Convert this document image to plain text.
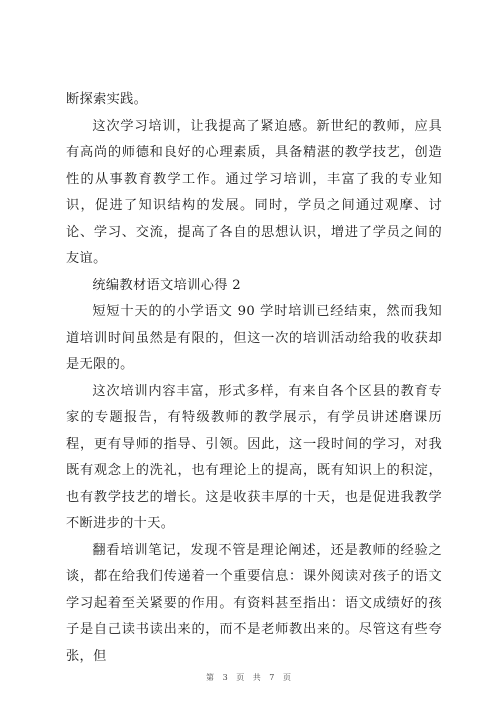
断探索实践。

这次学习培训，让我提高了紧迫感。新世纪的教师，应具有高尚的师德和良好的心理素质，具备精湛的教学技艺，创造性的从事教育教学工作。通过学习培训，丰富了我的专业知识，促进了知识结构的发展。同时，学员之间通过观摩、讨论、学习、交流，提高了各自的思想认识，增进了学员之间的友谊。

统编教材语文培训心得 2

短短十天的的小学语文 90 学时培训已经结束，然而我知道培训时间虽然是有限的，但这一次的培训活动给我的收获却是无限的。

这次培训内容丰富，形式多样，有来自各个区县的教育专家的专题报告，有特级教师的教学展示，有学员讲述磨课历程，更有导师的指导、引领。因此，这一段时间的学习，对我既有观念上的洗礼，也有理论上的提高，既有知识上的积淀，也有教学技艺的增长。这是收获丰厚的十天，也是促进我教学不断进步的十天。

翻看培训笔记，发现不管是理论阐述，还是教师的经验之谈，都在给我们传递着一个重要信息：课外阅读对孩子的语文学习起着至关紧要的作用。有资料甚至指出：语文成绩好的孩子是自己读书读出来的，而不是老师教出来的。尽管这有些夸张，但

第 3 页 共 7 页
